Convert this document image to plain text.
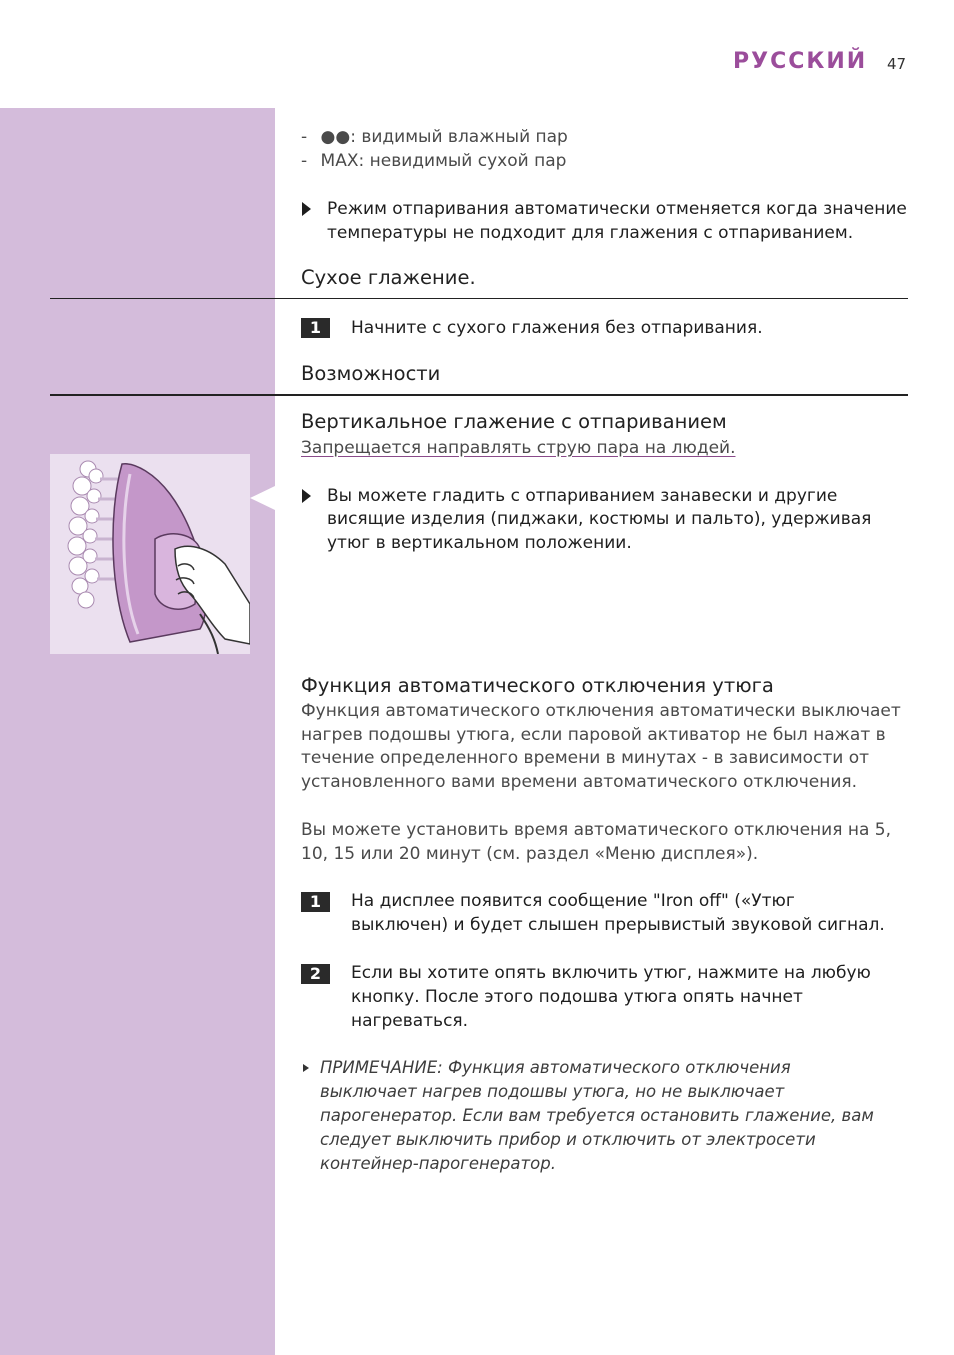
РУССКИЙ 47
- ●●: видимый влажный пар
- MAX: невидимый сухой пар
Режим отпаривания автоматически отменяется когда значение
температуры не подходит для глажения с отпариванием.
Сухое глажение.
1	Начните с сухого глажения без отпаривания.
Возможности
Вертикальное глажение с отпариванием
Запрещается направлять струю пара на людей.
Вы можете гладить с отпариванием занавески и другие
висящие изделия (пиджаки, костюмы и пальто), удерживая
утюг в вертикальном положении.
Функция автоматического отключения утюга
Функция автоматического отключения автоматически выключает
нагрев подошвы утюга, если паровой активатор не был нажат в
течение определенного времени в минутах - в зависимости от
установленного вами времени автоматического отключения.
Вы можете установить время автоматического отключения на 5,
10, 15 или 20 минут (см. раздел «Меню дисплея»).
1	На дисплее появится сообщение "Iron off" («Утюг
выключен) и будет слышен прерывистый звуковой сигнал.
2	Если вы хотите опять включить утюг, нажмите на любую
кнопку. После этого подошва утюга опять начнет
нагреваться.
ПРИМЕЧАНИЕ: Функция автоматического отключения
выключает нагрев подошвы утюга, но не выключает
парогенератор. Если вам требуется остановить глажение, вам
следует выключить прибор и отключить от электросети
контейнер-парогенератор.
